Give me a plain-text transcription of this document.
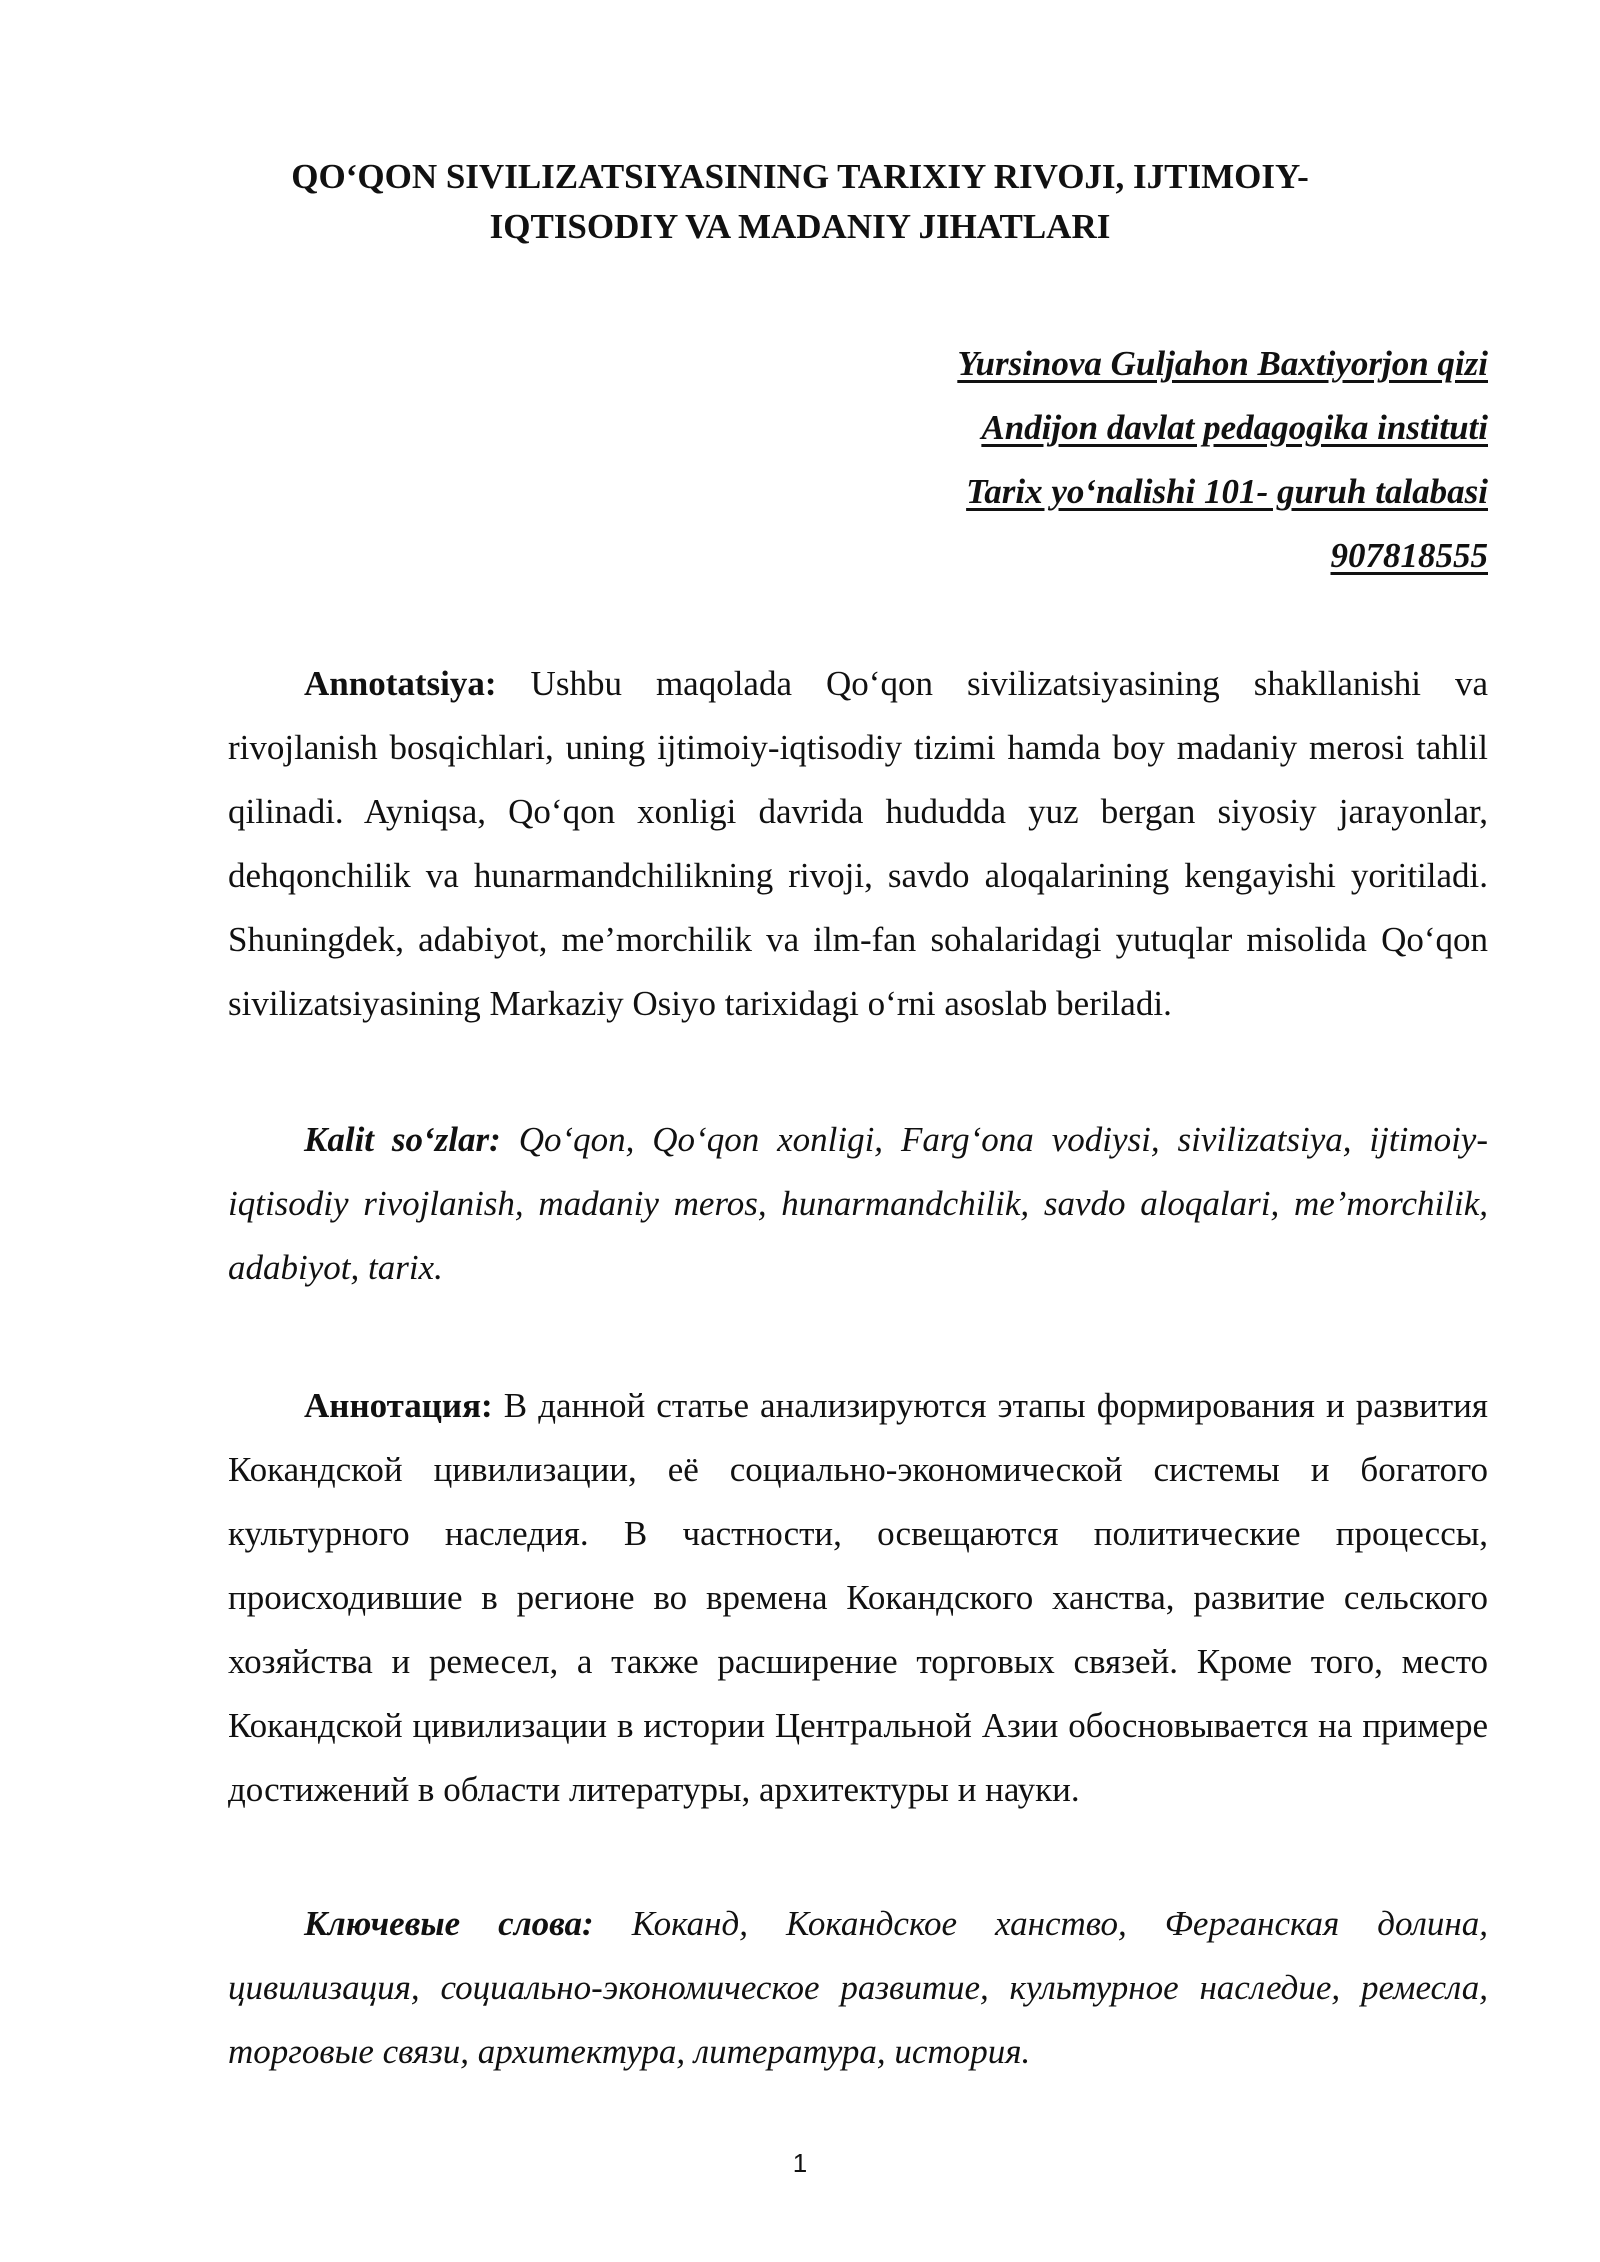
QO‘QON SIVILIZATSIYASINING TARIXIY RIVOJI, IJTIMOIY-
IQTISODIY VA MADANIY JIHATLARI
Yursinova Guljahon Baxtiyorjon qizi
Andijon davlat pedagogika instituti
Tarix yo‘nalishi 101- guruh talabasi
907818555

Annotatsiya: Ushbu maqolada Qo‘qon sivilizatsiyasining shakllanishi va rivojlanish bosqichlari, uning ijtimoiy-iqtisodiy tizimi hamda boy madaniy merosi tahlil qilinadi. Ayniqsa, Qo‘qon xonligi davrida hududda yuz bergan siyosiy jarayonlar, dehqonchilik va hunarmandchilikning rivoji, savdo aloqalarining kengayishi yoritiladi. Shuningdek, adabiyot, me’morchilik va ilm-fan sohalaridagi yutuqlar misolida Qo‘qon sivilizatsiyasining Markaziy Osiyo tarixidagi o‘rni asoslab beriladi.

Kalit so‘zlar: Qo‘qon, Qo‘qon xonligi, Farg‘ona vodiysi, sivilizatsiya, ijtimoiy-iqtisodiy rivojlanish, madaniy meros, hunarmandchilik, savdo aloqalari, me’morchilik, adabiyot, tarix.

Аннотация: В данной статье анализируются этапы формирования и развития Кокандской цивилизации, её социально-экономической системы и богатого культурного наследия. В частности, освещаются политические процессы, происходившие в регионе во времена Кокандского ханства, развитие сельского хозяйства и ремесел, а также расширение торговых связей. Кроме того, место Кокандской цивилизации в истории Центральной Азии обосновывается на примере достижений в области литературы, архитектуры и науки.

Ключевые слова: Коканд, Кокандское ханство, Ферганская долина, цивилизация, социально-экономическое развитие, культурное наследие, ремесла, торговые связи, архитектура, литература, история.

1
